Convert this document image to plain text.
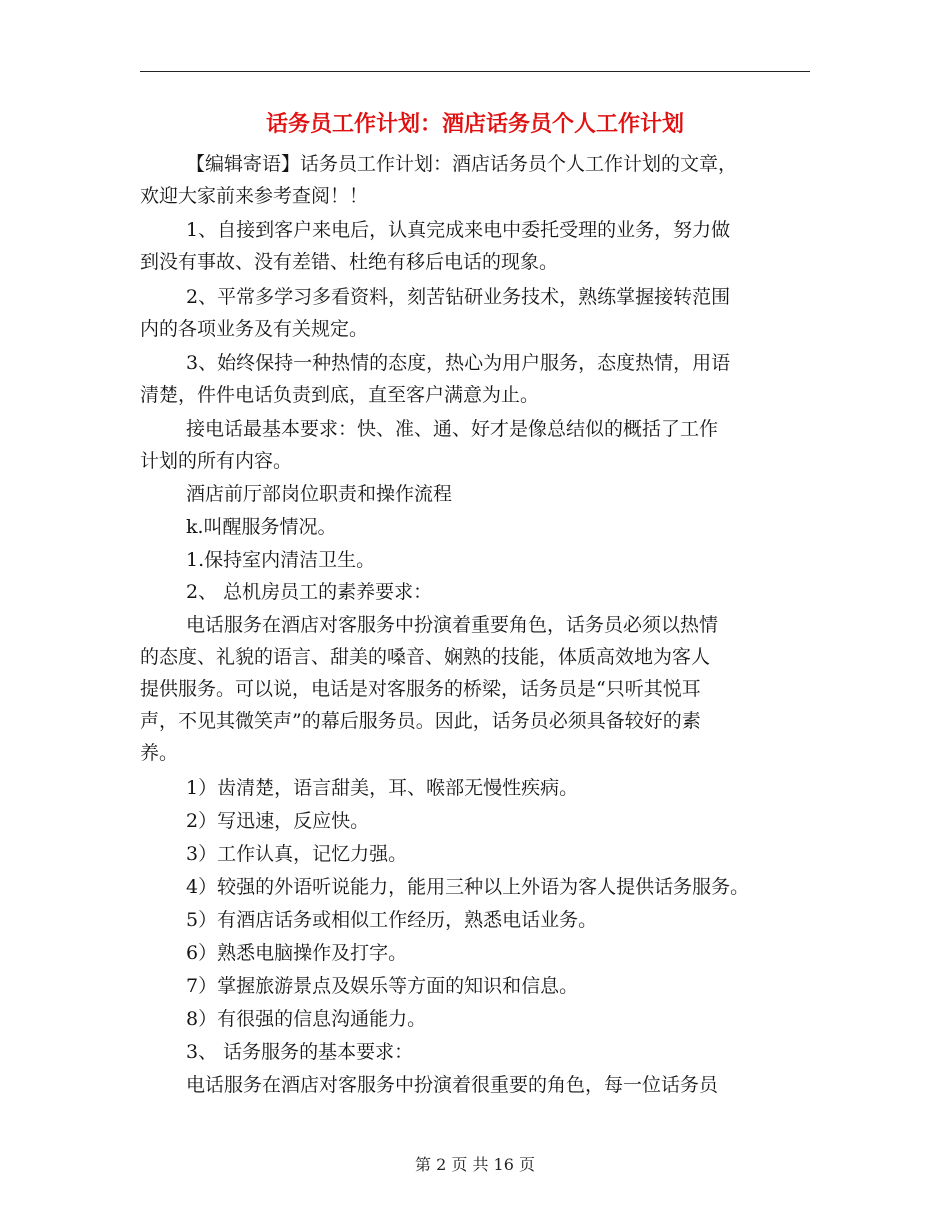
话务员工作计划：酒店话务员个人工作计划
【编辑寄语】话务员工作计划：酒店话务员个人工作计划的文章，
欢迎大家前来参考查阅！！
1、自接到客户来电后，认真完成来电中委托受理的业务，努力做
到没有事故、没有差错、杜绝有移后电话的现象。
2、平常多学习多看资料，刻苦钻研业务技术，熟练掌握接转范围
内的各项业务及有关规定。
3、始终保持一种热情的态度，热心为用户服务，态度热情，用语
清楚，件件电话负责到底，直至客户满意为止。
接电话最基本要求：快、准、通、好才是像总结似的概括了工作
计划的所有内容。
酒店前厅部岗位职责和操作流程
k.叫醒服务情况。
1.保持室内清洁卫生。
2、 总机房员工的素养要求：
电话服务在酒店对客服务中扮演着重要角色，话务员必须以热情
的态度、礼貌的语言、甜美的嗓音、娴熟的技能，体质高效地为客人
提供服务。可以说，电话是对客服务的桥梁，话务员是“只听其悦耳
声，不见其微笑声”的幕后服务员。因此，话务员必须具备较好的素
养。
1）齿清楚，语言甜美，耳、喉部无慢性疾病。
2）写迅速，反应快。
3）工作认真，记忆力强。
4）较强的外语听说能力，能用三种以上外语为客人提供话务服务。
5）有酒店话务或相似工作经历，熟悉电话业务。
6）熟悉电脑操作及打字。
7）掌握旅游景点及娱乐等方面的知识和信息。
8）有很强的信息沟通能力。
3、 话务服务的基本要求：
电话服务在酒店对客服务中扮演着很重要的角色，每一位话务员
第 2 页 共 16 页
